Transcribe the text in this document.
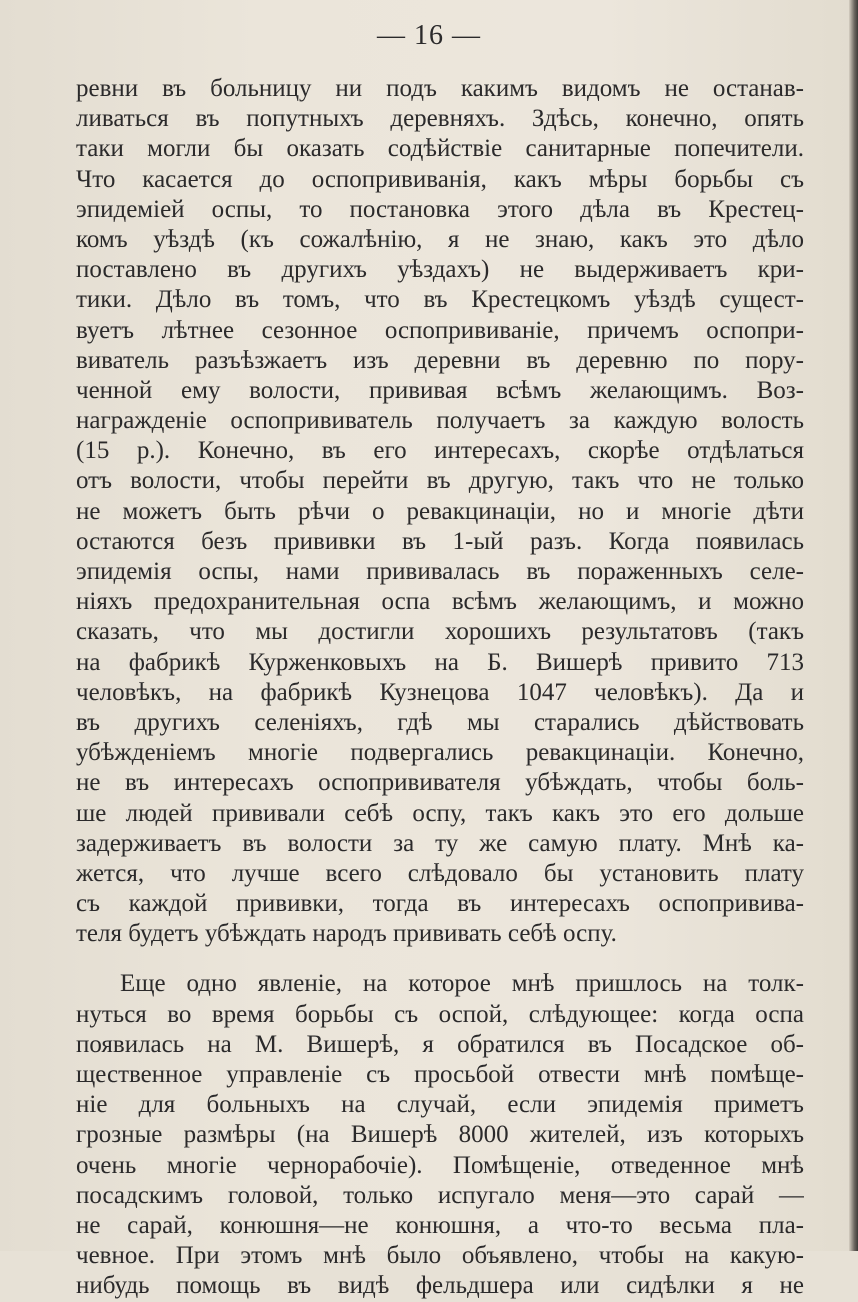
— 16 —
ревни въ больницу ни подъ какимъ видомъ не останав-
ливаться въ попутныхъ деревняхъ. Здѣсь, конечно, опять
таки могли бы оказать содѣйствіе санитарные попечители.
Что касается до оспопрививанія, какъ мѣры борьбы съ
эпидеміей оспы, то постановка этого дѣла въ Крестец-
комъ уѣздѣ (къ сожалѣнію, я не знаю, какъ это дѣло
поставлено въ другихъ уѣздахъ) не выдерживаетъ кри-
тики. Дѣло въ томъ, что въ Крестецкомъ уѣздѣ сущест-
вуетъ лѣтнее сезонное оспопрививаніе, причемъ оспопри-
виватель разъѣзжаетъ изъ деревни въ деревню по пору-
ченной ему волости, прививая всѣмъ желающимъ. Воз-
награжденіе оспопрививатель получаетъ за каждую волость
(15 р.). Конечно, въ его интересахъ, скорѣе отдѣлаться
отъ волости, чтобы перейти въ другую, такъ что не только
не можетъ быть рѣчи о ревакцинаціи, но и многіе дѣти
остаются безъ прививки въ 1-ый разъ. Когда появилась
эпидемія оспы, нами прививалась въ пораженныхъ селе-
ніяхъ предохранительная оспа всѣмъ желающимъ, и можно
сказать, что мы достигли хорошихъ результатовъ (такъ
на фабрикѣ Курженковыхъ на Б. Вишерѣ привито 713
человѣкъ, на фабрикѣ Кузнецова 1047 человѣкъ). Да и
въ другихъ селеніяхъ, гдѣ мы старались дѣйствовать
убѣжденіемъ многіе подвергались ревакцинаціи. Конечно,
не въ интересахъ оспопрививателя убѣждать, чтобы боль-
ше людей прививали себѣ оспу, такъ какъ это его дольше
задерживаетъ въ волости за ту же самую плату. Мнѣ ка-
жется, что лучше всего слѣдовало бы установить плату
съ каждой прививки, тогда въ интересахъ оспопривива-
теля будетъ убѣждать народъ прививать себѣ оспу.
Еще одно явленіе, на которое мнѣ пришлось на толк-
нуться во время борьбы съ оспой, слѣдующее: когда оспа
появилась на М. Вишерѣ, я обратился въ Посадское об-
щественное управленіе съ просьбой отвести мнѣ помѣще-
ніе для больныхъ на случай, если эпидемія приметъ
грозные размѣры (на Вишерѣ 8000 жителей, изъ которыхъ
очень многіе чернорабочіе). Помѣщеніе, отведенное мнѣ
посадскимъ головой, только испугало меня—это сарай —
не сарай, конюшня—не конюшня, а что-то весьма пла-
чевное. При этомъ мнѣ было объявлено, чтобы на какую-
нибудь помощь въ видѣ фельдшера или сидѣлки я не
